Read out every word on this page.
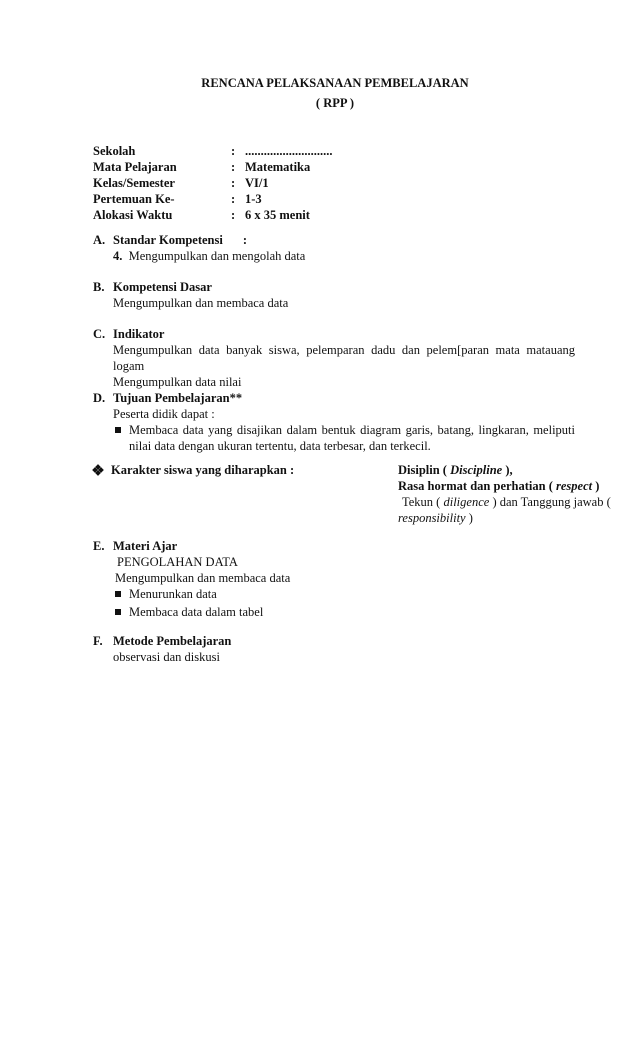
RENCANA PELAKSANAAN PEMBELAJARAN
( RPP )
Sekolah	: ............................
Mata Pelajaran	: Matematika
Kelas/Semester	: VI/1
Pertemuan Ke-	: 1-3
Alokasi Waktu	: 6 x 35 menit
A. Standar Kompetensi :
4. Mengumpulkan dan mengolah data
B. Kompetensi Dasar
Mengumpulkan dan membaca data
C. Indikator
Mengumpulkan data banyak siswa, pelemparan dadu dan pelem[paran mata matauang
logam
Mengumpulkan data nilai
D. Tujuan Pembelajaran**
Peserta didik dapat :
Membaca data yang disajikan dalam bentuk diagram garis, batang, lingkaran, meliputi
nilai data dengan ukuran tertentu, data terbesar, dan terkecil.
Karakter siswa yang diharapkan :	Disiplin ( Discipline ),
Rasa hormat dan perhatian ( respect )
Tekun ( diligence ) dan Tanggung jawab (
responsibility )
E. Materi Ajar
PENGOLAHAN DATA
Mengumpulkan dan membaca data
Menurunkan data
Membaca data dalam tabel
F. Metode Pembelajaran
observasi dan diskusi
